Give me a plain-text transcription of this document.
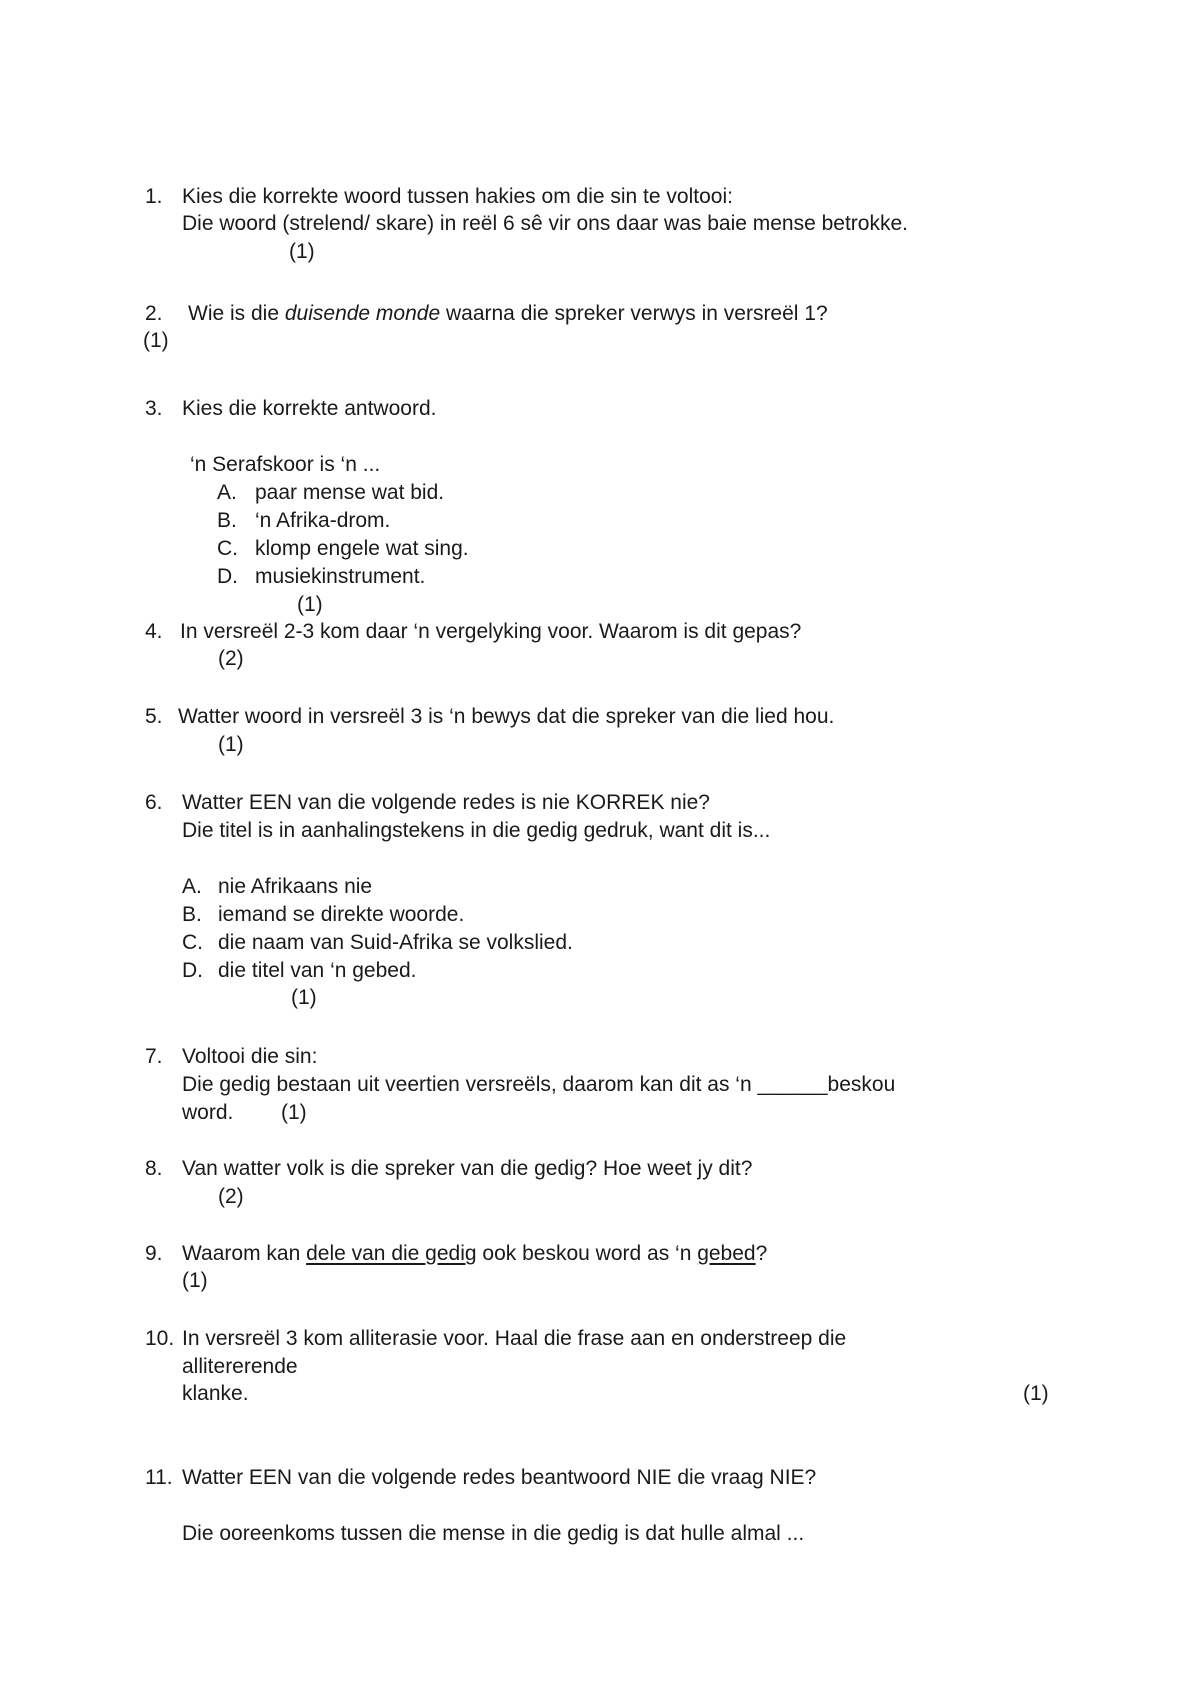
1. Kies die korrekte woord tussen hakies om die sin te voltooi:
Die woord (strelend/ skare) in reël 6 sê vir ons daar was baie mense betrokke.
(1)
2. Wie is die duisende monde waarna die spreker verwys in versreël 1?
(1)
3. Kies die korrekte antwoord.
‘n Serafskoor is ‘n ...
A. paar mense wat bid.
B. ‘n Afrika-drom.
C. klomp engele wat sing.
D. musiekinstrument.
(1)
4. In versreël 2-3 kom daar ‘n vergelyking voor. Waarom is dit gepas?
(2)
5. Watter woord in versreël 3 is ‘n bewys dat die spreker van die lied hou.
(1)
6. Watter EEN van die volgende redes is nie KORREK nie?
Die titel is in aanhalingstekens in die gedig gedruk, want dit is...
A. nie Afrikaans nie
B. iemand se direkte woorde.
C. die naam van Suid-Afrika se volkslied.
D. die titel van ‘n gebed.
(1)
7. Voltooi die sin:
Die gedig bestaan uit veertien versreëls, daarom kan dit as ‘n ______beskou
word. (1)
8. Van watter volk is die spreker van die gedig? Hoe weet jy dit?
(2)
9. Waarom kan dele van die gedig ook beskou word as ‘n gebed?
(1)
10. In versreël 3 kom alliterasie voor. Haal die frase aan en onderstreep die
allitererende
klanke.	(1)
11. Watter EEN van die volgende redes beantwoord NIE die vraag NIE?
Die ooreenkoms tussen die mense in die gedig is dat hulle almal ...
